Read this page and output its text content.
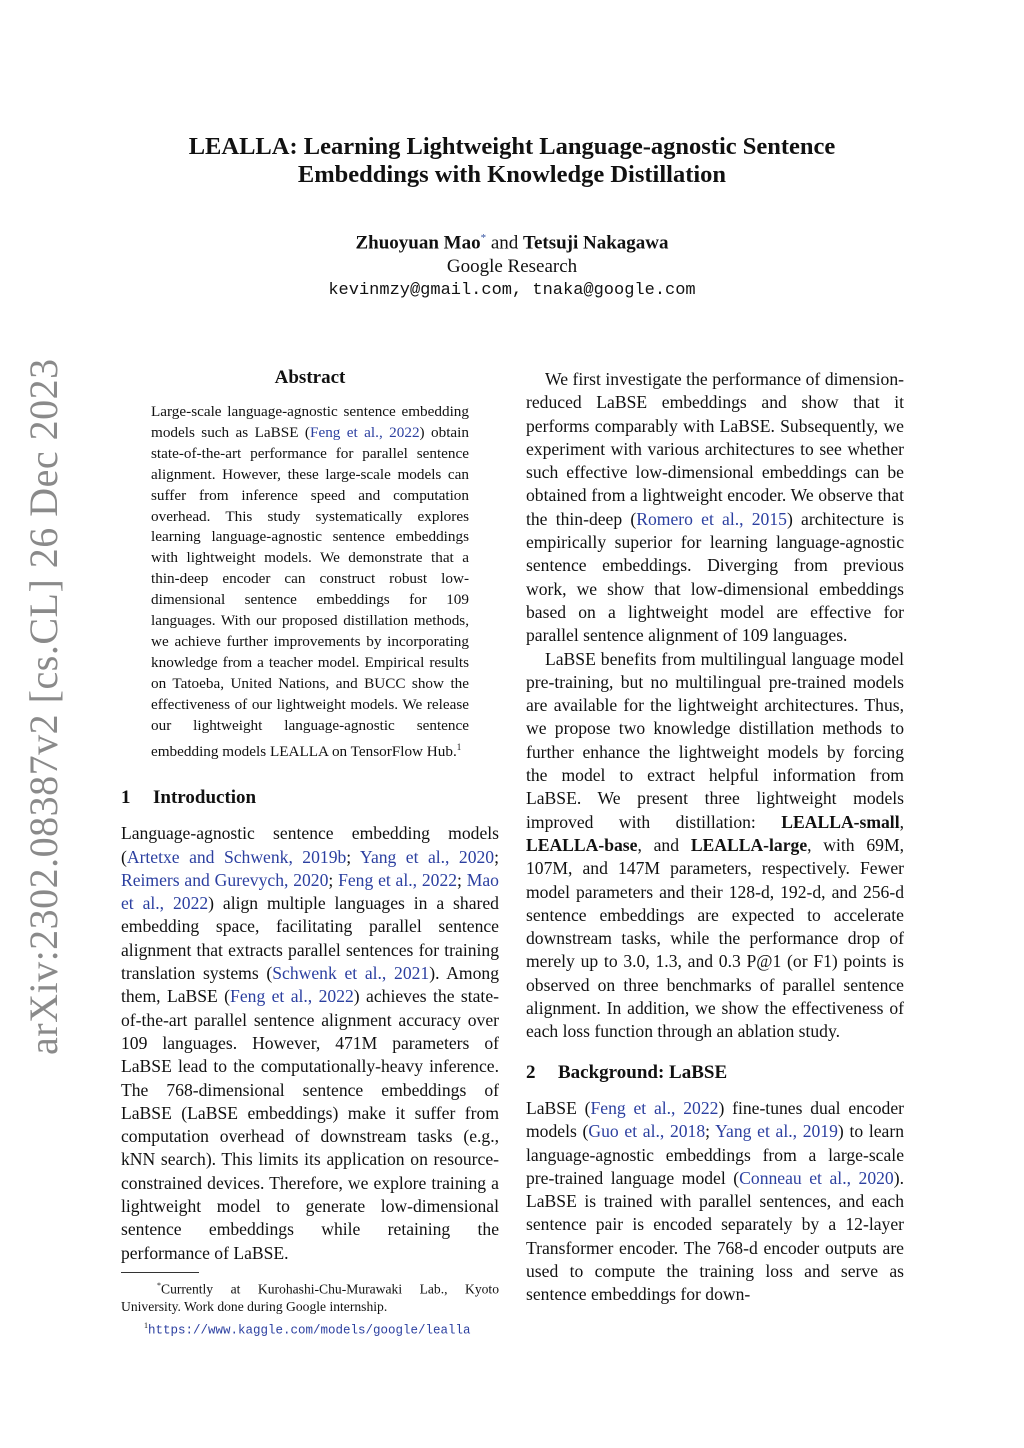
arXiv:2302.08387v2 [cs.CL] 26 Dec 2023
LEALLA: Learning Lightweight Language-agnostic Sentence
Embeddings with Knowledge Distillation
Zhuoyuan Mao* and Tetsuji Nakagawa
Google Research
kevinmzy@gmail.com, tnaka@google.com
Abstract
Large-scale language-agnostic sentence embedding models such as LaBSE (Feng et al., 2022) obtain state-of-the-art performance for parallel sentence alignment. However, these large-scale models can suffer from inference speed and computation overhead. This study systematically explores learning language-agnostic sentence embeddings with lightweight models. We demonstrate that a thin-deep encoder can construct robust low-dimensional sentence embeddings for 109 languages. With our proposed distillation methods, we achieve further improvements by incorporating knowledge from a teacher model. Empirical results on Tatoeba, United Nations, and BUCC show the effectiveness of our lightweight models. We release our lightweight language-agnostic sentence embedding models LEALLA on TensorFlow Hub.$^1$
1 Introduction

Language-agnostic sentence embedding models (Artetxe and Schwenk, 2019b; Yang et al., 2020; Reimers and Gurevych, 2020; Feng et al., 2022; Mao et al., 2022) align multiple languages in a shared embedding space, facilitating parallel sentence alignment that extracts parallel sentences for training translation systems (Schwenk et al., 2021). Among them, LaBSE (Feng et al., 2022) achieves the state-of-the-art parallel sentence alignment accuracy over 109 languages. However, 471M parameters of LaBSE lead to the computationally-heavy inference. The 768-dimensional sentence embeddings of LaBSE (LaBSE embeddings) make it suffer from computation overhead of downstream tasks (e.g., kNN search). This limits its application on resource-constrained devices. Therefore, we explore training a lightweight model to generate low-dimensional sentence embeddings while retaining the performance of LaBSE.

*Currently at Kurohashi-Chu-Murawaki Lab., Kyoto University. Work done during Google internship.

$^1$https://www.kaggle.com/models/google/lealla

We first investigate the performance of dimension-reduced LaBSE embeddings and show that it performs comparably with LaBSE. Subsequently, we experiment with various architectures to see whether such effective low-dimensional embeddings can be obtained from a lightweight encoder. We observe that the thin-deep (Romero et al., 2015) architecture is empirically superior for learning language-agnostic sentence embeddings. Diverging from previous work, we show that low-dimensional embeddings based on a lightweight model are effective for parallel sentence alignment of 109 languages.

LaBSE benefits from multilingual language model pre-training, but no multilingual pre-trained models are available for the lightweight architectures. Thus, we propose two knowledge distillation methods to further enhance the lightweight models by forcing the model to extract helpful information from LaBSE. We present three lightweight models improved with distillation: LEALLA-small, LEALLA-base, and LEALLA-large, with 69M, 107M, and 147M parameters, respectively. Fewer model parameters and their 128-d, 192-d, and 256-d sentence embeddings are expected to accelerate downstream tasks, while the performance drop of merely up to 3.0, 1.3, and 0.3 P@1 (or F1) points is observed on three benchmarks of parallel sentence alignment. In addition, we show the effectiveness of each loss function through an ablation study.

2 Background: LaBSE

LaBSE (Feng et al., 2022) fine-tunes dual encoder models (Guo et al., 2018; Yang et al., 2019) to learn language-agnostic embeddings from a large-scale pre-trained language model (Conneau et al., 2020). LaBSE is trained with parallel sentences, and each sentence pair is encoded separately by a 12-layer Transformer encoder. The 768-d encoder outputs are used to compute the training loss and serve as sentence embeddings for down-
